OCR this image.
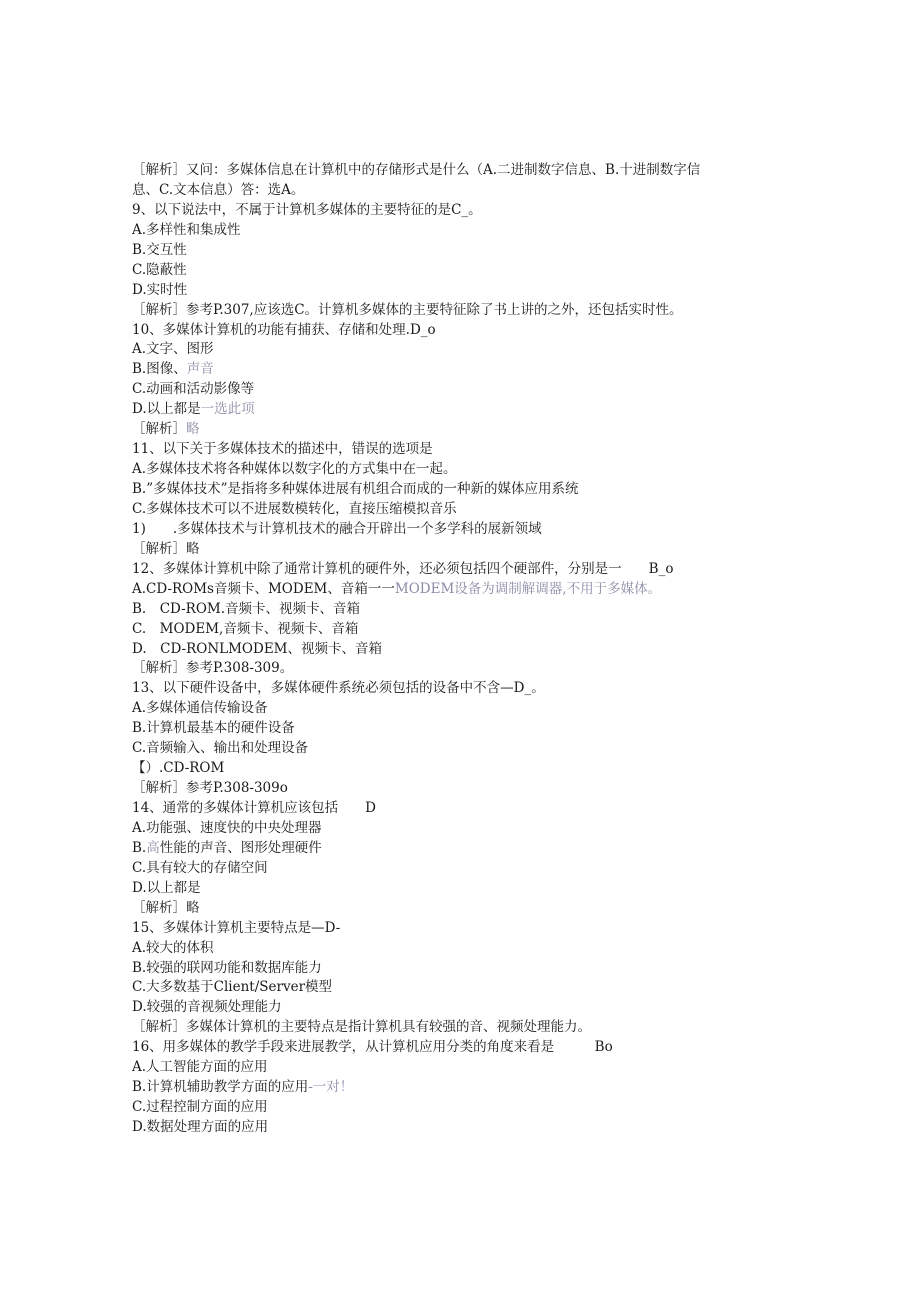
［解析］又问：多媒体信息在计算机中的存储形式是什么（A.二进制数字信息、B.十进制数字信
息、C.文本信息）答：选A。
9、以下说法中，不属于计算机多媒体的主要特征的是C_。
A.多样性和集成性
B.交互性
C.隐蔽性
D.实时性
［解析］参考P.307,应该选C。计算机多媒体的主要特征除了书上讲的之外，还包括实时性。
10、多媒体计算机的功能有捕获、存储和处理.D_o
A.文字、图形
B.图像、声音
C.动画和活动影像等
D.以上都是一选此项
［解析］略
11、以下关于多媒体技术的描述中，错误的选项是
A.多媒体技术将各种媒体以数字化的方式集中在一起。
B.”多媒体技术”是指将多种媒体进展有机组合而成的一种新的媒体应用系统
C.多媒体技术可以不进展数模转化，直接压缩模拟音乐
1)　　.多媒体技术与计算机技术的融合开辟出一个多学科的展新领域
［解析］略
12、多媒体计算机中除了通常计算机的硬件外，还必须包括四个硬部件，分别是一　　B_o
A.CD-ROMs音频卡、MODEM、音箱一一MODEM设备为调制解调器,不用于多媒体。
B.　CD-ROM.音频卡、视频卡、音箱
C.　MODEM,音频卡、视频卡、音箱
D.　CD-RONLMODEM、视频卡、音箱
［解析］参考P.308-309。
13、以下硬件设备中，多媒体硬件系统必须包括的设备中不含—D_。
A.多媒体通信传输设备
B.计算机最基本的硬件设备
C.音频输入、输出和处理设备
【）.CD-ROM
［解析］参考P.308-309o
14、通常的多媒体计算机应该包括　　D
A.功能强、速度快的中央处理器
B.高性能的声音、图形处理硬件
C.具有较大的存储空间
D.以上都是
［解析］略
15、多媒体计算机主要特点是—D-
A.较大的体积
B.较强的联网功能和数据库能力
C.大多数基于Client/Server模型
D.较强的音视频处理能力
［解析］多媒体计算机的主要特点是指计算机具有较强的音、视频处理能力。
16、用多媒体的教学手段来进展教学，从计算机应用分类的角度来看是　　　Bo
A.人工智能方面的应用
B.计算机辅助教学方面的应用-一对！
C.过程控制方面的应用
D.数据处理方面的应用
